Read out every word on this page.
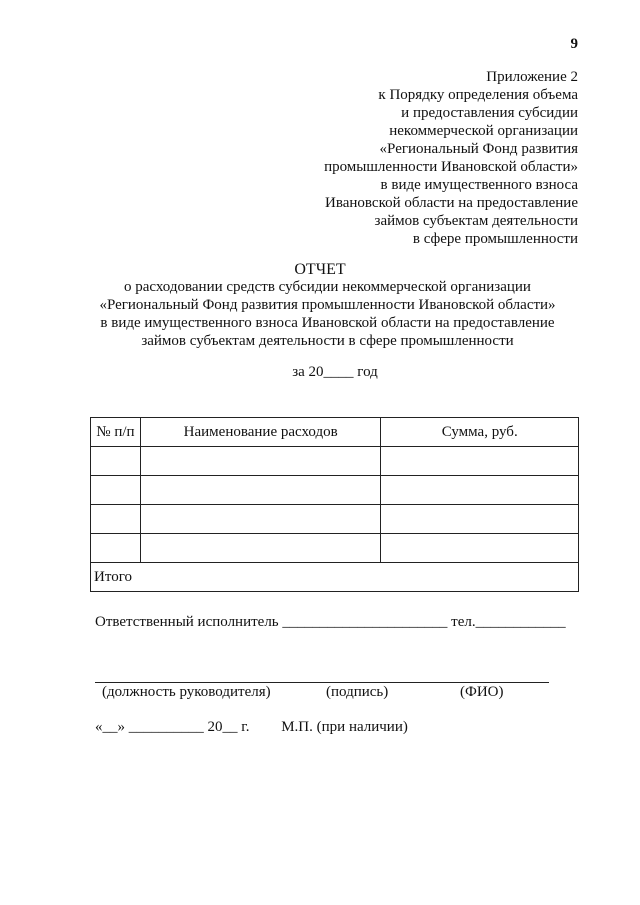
9
Приложение 2
к Порядку определения объема
и предоставления субсидии
некоммерческой организации
«Региональный Фонд развития
промышленности Ивановской области»
в виде имущественного взноса
Ивановской области на предоставление
займов субъектам деятельности
в сфере промышленности
ОТЧЕТ
о расходовании средств субсидии некоммерческой организации
«Региональный Фонд развития промышленности Ивановской области»
в виде имущественного взноса Ивановской области на предоставление
займов субъектам деятельности в сфере промышленности
за 20____ год
№ п/п	Наименование расходов	Сумма, руб.

Итого		
Ответственный исполнитель ______________________ тел.____________
(должность руководителя)	(подпись)	(ФИО)
«__» __________ 20__ г. М.П. (при наличии)
